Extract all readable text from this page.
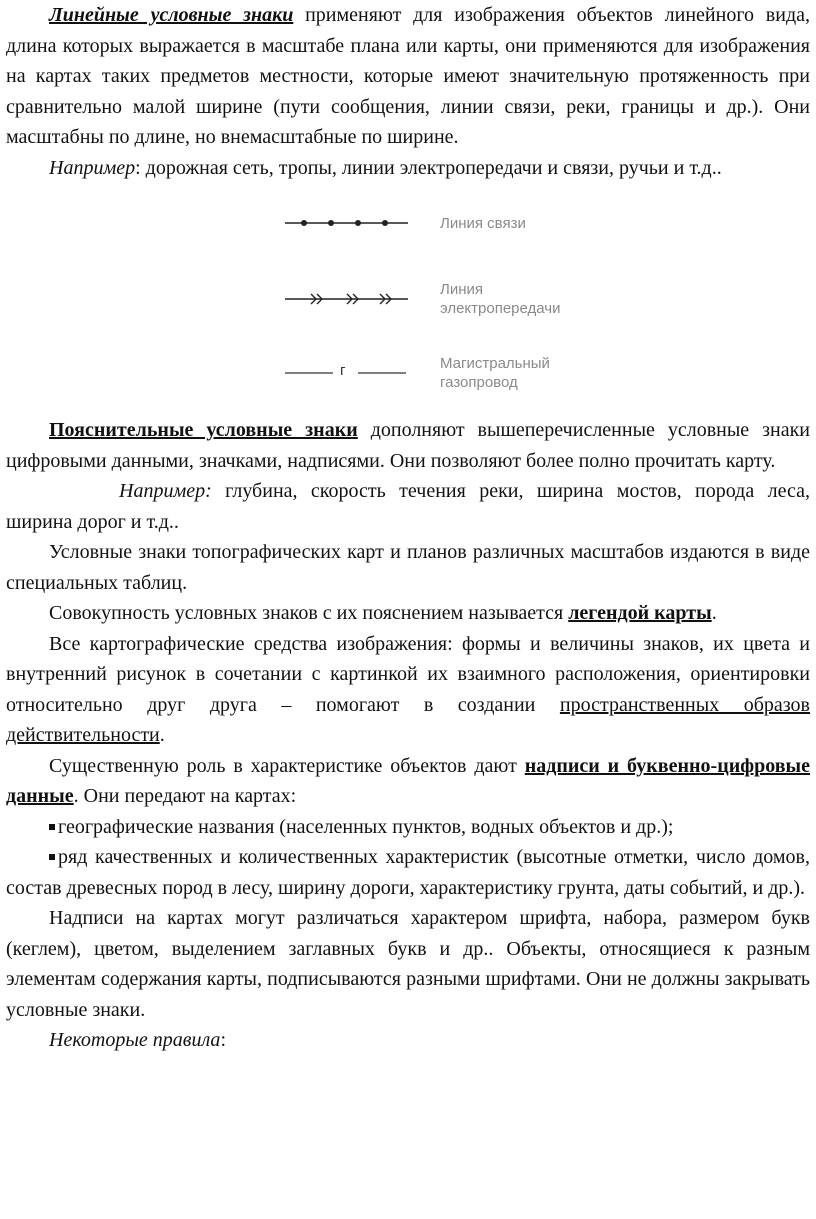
Линейные условные знаки применяют для изображения объектов линейного вида, длина которых выражается в масштабе плана или карты, они применяются для изображения на картах таких предметов местности, которые имеют значительную протяженность при сравнительно малой ширине (пути сообщения, линии связи, реки, границы и др.). Они масштабны по длине, но внемасштабные по ширине.

Например: дорожная сеть, тропы, линии электропередачи и связи, ручьи и т.д..

г
Линия связи
Линия электропередачи
Магистральный газопровод

Пояснительные условные знаки дополняют вышеперечисленные условные знаки цифровыми данными, значками, надписями. Они позволяют более полно прочитать карту.

Например: глубина, скорость течения реки, ширина мостов, порода леса, ширина дорог и т.д..

Условные знаки топографических карт и планов различных масштабов издаются в виде специальных таблиц.

Совокупность условных знаков с их пояснением называется легендой карты.

Все картографические средства изображения: формы и величины знаков, их цвета и внутренний рисунок в сочетании с картинкой их взаимного расположения, ориентировки относительно друг друга – помогают в создании пространственных образов действительности.

Существенную роль в характеристике объектов дают надписи и буквенно-цифровые данные. Они передают на картах:

географические названия (населенных пунктов, водных объектов и др.);

ряд качественных и количественных характеристик (высотные отметки, число домов, состав древесных пород в лесу, ширину дороги, характеристику грунта, даты событий, и др.).

Надписи на картах могут различаться характером шрифта, набора, размером букв (кеглем), цветом, выделением заглавных букв и др.. Объекты, относящиеся к разным элементам содержания карты, подписываются разными шрифтами. Они не должны закрывать условные знаки.

Некоторые правила:
